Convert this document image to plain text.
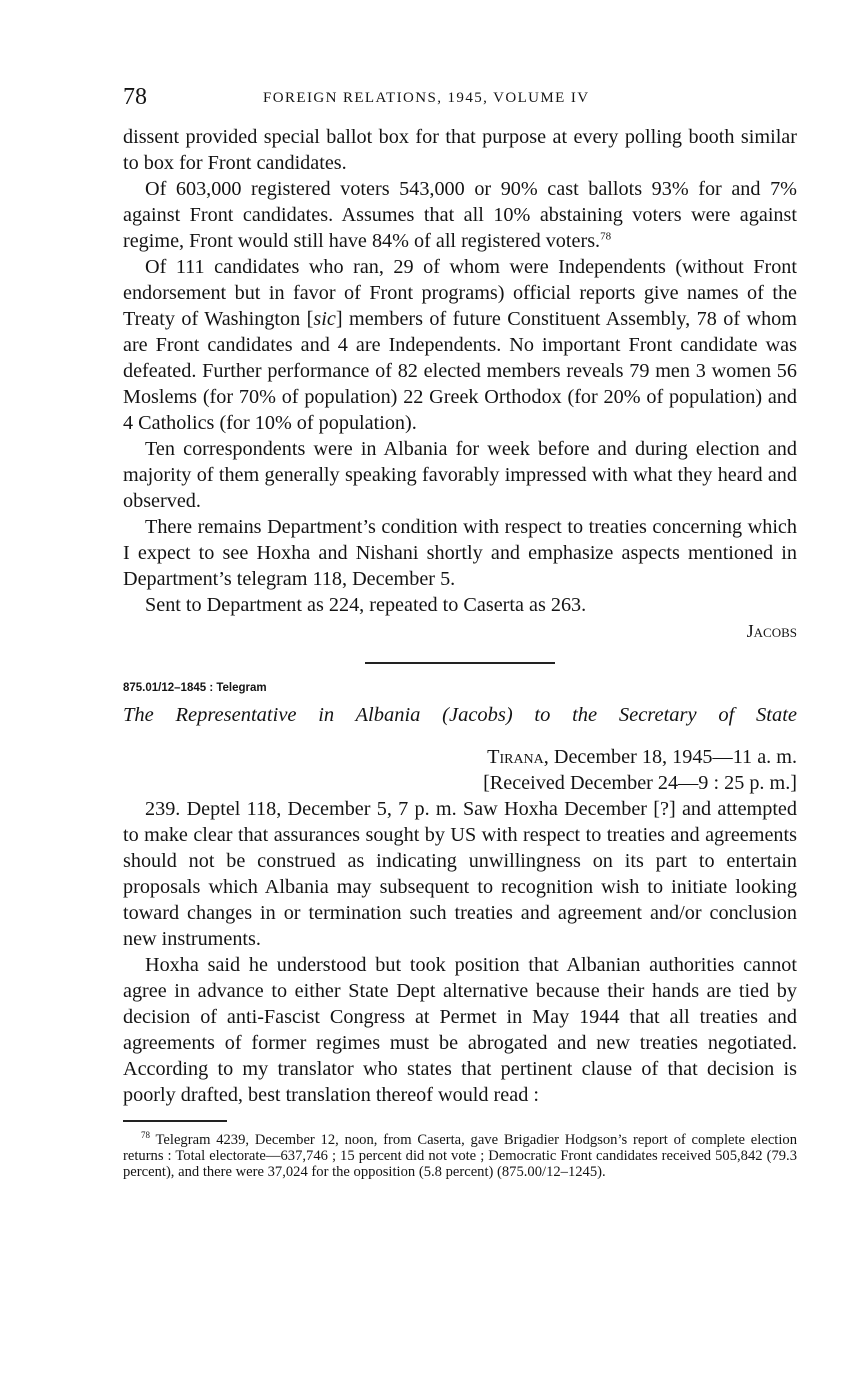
78	FOREIGN RELATIONS, 1945, VOLUME IV

dissent provided special ballot box for that purpose at every polling booth similar to box for Front candidates.

Of 603,000 registered voters 543,000 or 90% cast ballots 93% for and 7% against Front candidates. Assumes that all 10% abstaining voters were against regime, Front would still have 84% of all registered voters.$^{78}$

Of 111 candidates who ran, 29 of whom were Independents (without Front endorsement but in favor of Front programs) official reports give names of the Treaty of Washington [sic] members of future Constituent Assembly, 78 of whom are Front candidates and 4 are Independents. No important Front candidate was defeated. Further performance of 82 elected members reveals 79 men 3 women 56 Moslems (for 70% of population) 22 Greek Orthodox (for 20% of population) and 4 Catholics (for 10% of population).

Ten correspondents were in Albania for week before and during election and majority of them generally speaking favorably impressed with what they heard and observed.

There remains Department’s condition with respect to treaties concerning which I expect to see Hoxha and Nishani shortly and emphasize aspects mentioned in Department’s telegram 118, December 5.

Sent to Department as 224, repeated to Caserta as 263.

Jacobs

875.01/12–1845 : Telegram
The Representative in Albania (Jacobs) to the Secretary of State
Tirana, December 18, 1945—11 a. m.
[Received December 24—9 : 25 p. m.]

239. Deptel 118, December 5, 7 p. m. Saw Hoxha December [?] and attempted to make clear that assurances sought by US with respect to treaties and agreements should not be construed as indicating unwillingness on its part to entertain proposals which Albania may subsequent to recognition wish to initiate looking toward changes in or termination such treaties and agreement and/or conclusion new instruments.

Hoxha said he understood but took position that Albanian authorities cannot agree in advance to either State Dept alternative because their hands are tied by decision of anti-Fascist Congress at Permet in May 1944 that all treaties and agreements of former regimes must be abrogated and new treaties negotiated. According to my translator who states that pertinent clause of that decision is poorly drafted, best translation thereof would read :

$^{78}$ Telegram 4239, December 12, noon, from Caserta, gave Brigadier Hodgson’s report of complete election returns : Total electorate—637,746 ; 15 percent did not vote ; Democratic Front candidates received 505,842 (79.3 percent), and there were 37,024 for the opposition (5.8 percent) (875.00/12–1245).
